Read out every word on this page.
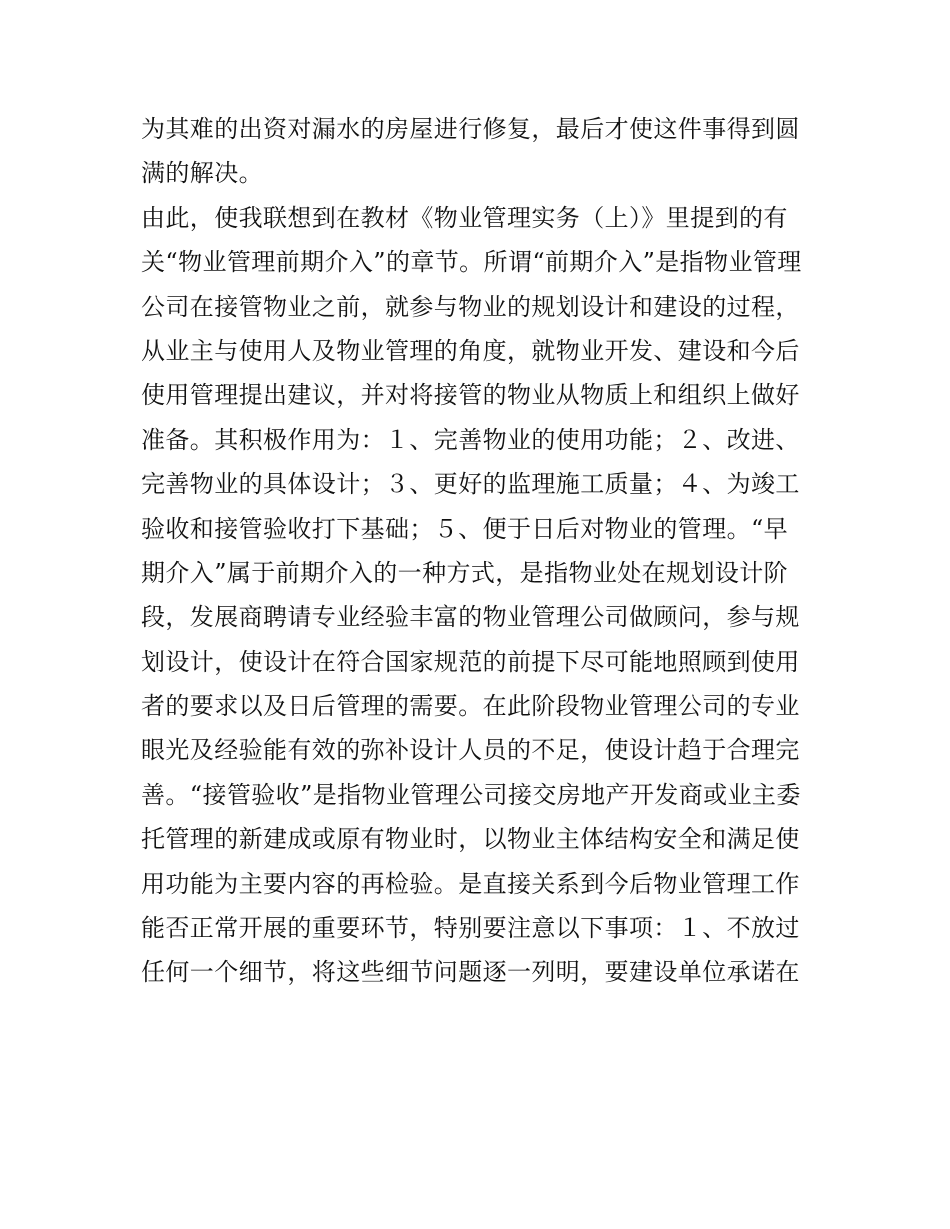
为其难的出资对漏水的房屋进行修复，最后才使这件事得到圆
满的解决。
由此，使我联想到在教材《物业管理实务（上）》里提到的有
关“物业管理前期介入”的章节。所谓“前期介入”是指物业管理
公司在接管物业之前，就参与物业的规划设计和建设的过程，
从业主与使用人及物业管理的角度，就物业开发、建设和今后
使用管理提出建议，并对将接管的物业从物质上和组织上做好
准备。其积极作用为：１、完善物业的使用功能；２、改进、
完善物业的具体设计；３、更好的监理施工质量；４、为竣工
验收和接管验收打下基础；５、便于日后对物业的管理。“早
期介入”属于前期介入的一种方式，是指物业处在规划设计阶
段，发展商聘请专业经验丰富的物业管理公司做顾问，参与规
划设计，使设计在符合国家规范的前提下尽可能地照顾到使用
者的要求以及日后管理的需要。在此阶段物业管理公司的专业
眼光及经验能有效的弥补设计人员的不足，使设计趋于合理完
善。“接管验收”是指物业管理公司接交房地产开发商或业主委
托管理的新建成或原有物业时，以物业主体结构安全和满足使
用功能为主要内容的再检验。是直接关系到今后物业管理工作
能否正常开展的重要环节，特别要注意以下事项：１、不放过
任何一个细节，将这些细节问题逐一列明，要建设单位承诺在
